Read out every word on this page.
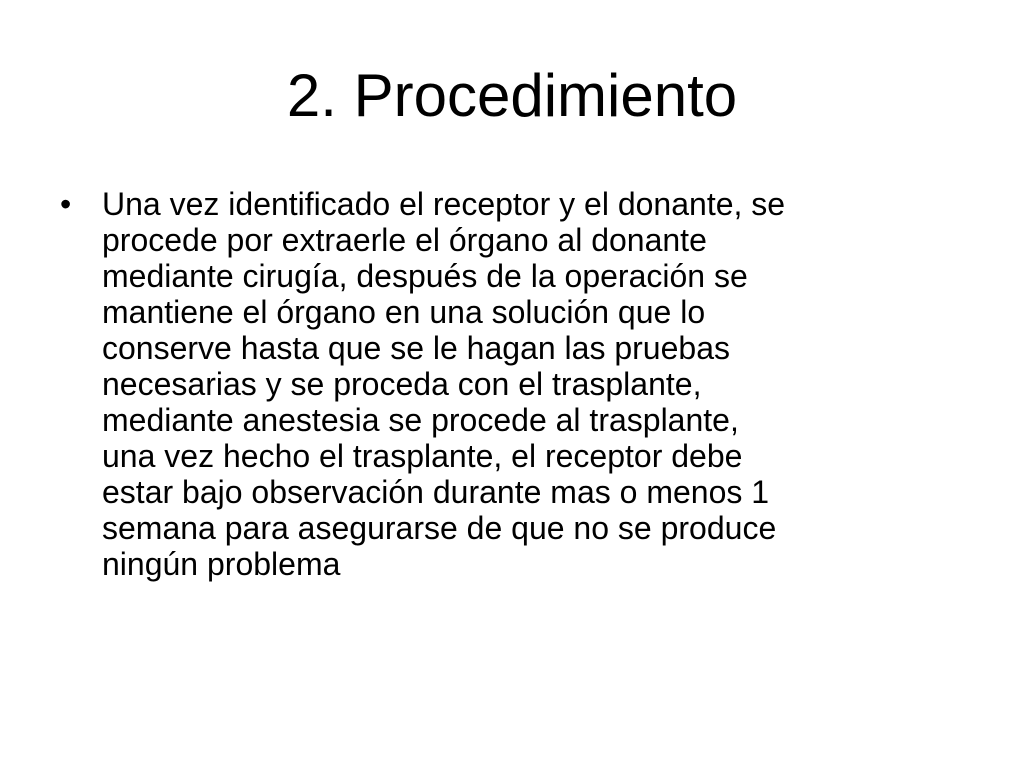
2. Procedimiento
• Una vez identificado el receptor y el donante, se
procede por extraerle el órgano al donante
mediante cirugía, después de la operación se
mantiene el órgano en una solución que lo
conserve hasta que se le hagan las pruebas
necesarias y se proceda con el trasplante,
mediante anestesia se procede al trasplante,
una vez hecho el trasplante, el receptor debe
estar bajo observación durante mas o menos 1
semana para asegurarse de que no se produce
ningún problema
